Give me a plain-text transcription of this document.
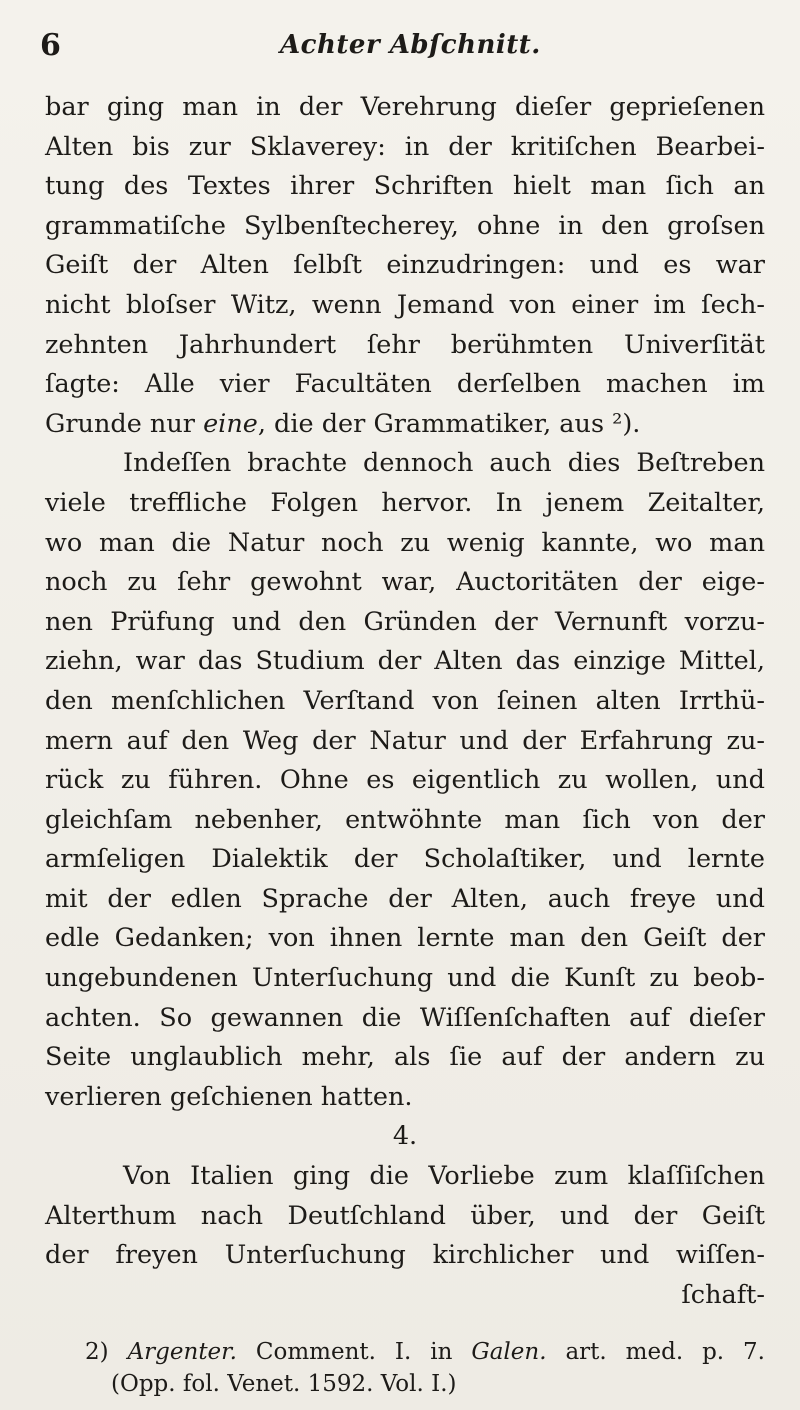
6	Achter Abſchnitt.
bar ging man in der Verehrung dieſer geprieſenen
Alten bis zur Sklaverey: in der kritiſchen Bearbei-
tung des Textes ihrer Schriften hielt man ſich an
grammatiſche Sylbenſtecherey, ohne in den groſsen
Geiſt der Alten ſelbſt einzudringen: und es war
nicht bloſser Witz, wenn Jemand von einer im ſech-
zehnten Jahrhundert ſehr berühmten Univerſität
ſagte: Alle vier Facultäten derſelben machen im
Grunde nur eine, die der Grammatiker, aus ²).
Indeſſen brachte dennoch auch dies Beſtreben
viele treffliche Folgen hervor. In jenem Zeitalter,
wo man die Natur noch zu wenig kannte, wo man
noch zu ſehr gewohnt war, Auctoritäten der eige-
nen Prüfung und den Gründen der Vernunft vorzu-
ziehn, war das Studium der Alten das einzige Mittel,
den menſchlichen Verſtand von ſeinen alten Irrthü-
mern auf den Weg der Natur und der Erfahrung zu-
rück zu führen. Ohne es eigentlich zu wollen, und
gleichſam nebenher, entwöhnte man ſich von der
armſeligen Dialektik der Scholaſtiker, und lernte
mit der edlen Sprache der Alten, auch freye und
edle Gedanken; von ihnen lernte man den Geiſt der
ungebundenen Unterſuchung und die Kunſt zu beob-
achten. So gewannen die Wiſſenſchaften auf dieſer
Seite unglaublich mehr, als ſie auf der andern zu
verlieren geſchienen hatten.
4.
Von Italien ging die Vorliebe zum klaſſiſchen
Alterthum nach Deutſchland über, und der Geiſt
der freyen Unterſuchung kirchlicher und wiſſen-
ſchaft-
2) Argenter. Comment. I. in Galen. art. med. p. 7.
(Opp. fol. Venet. 1592. Vol. I.)
